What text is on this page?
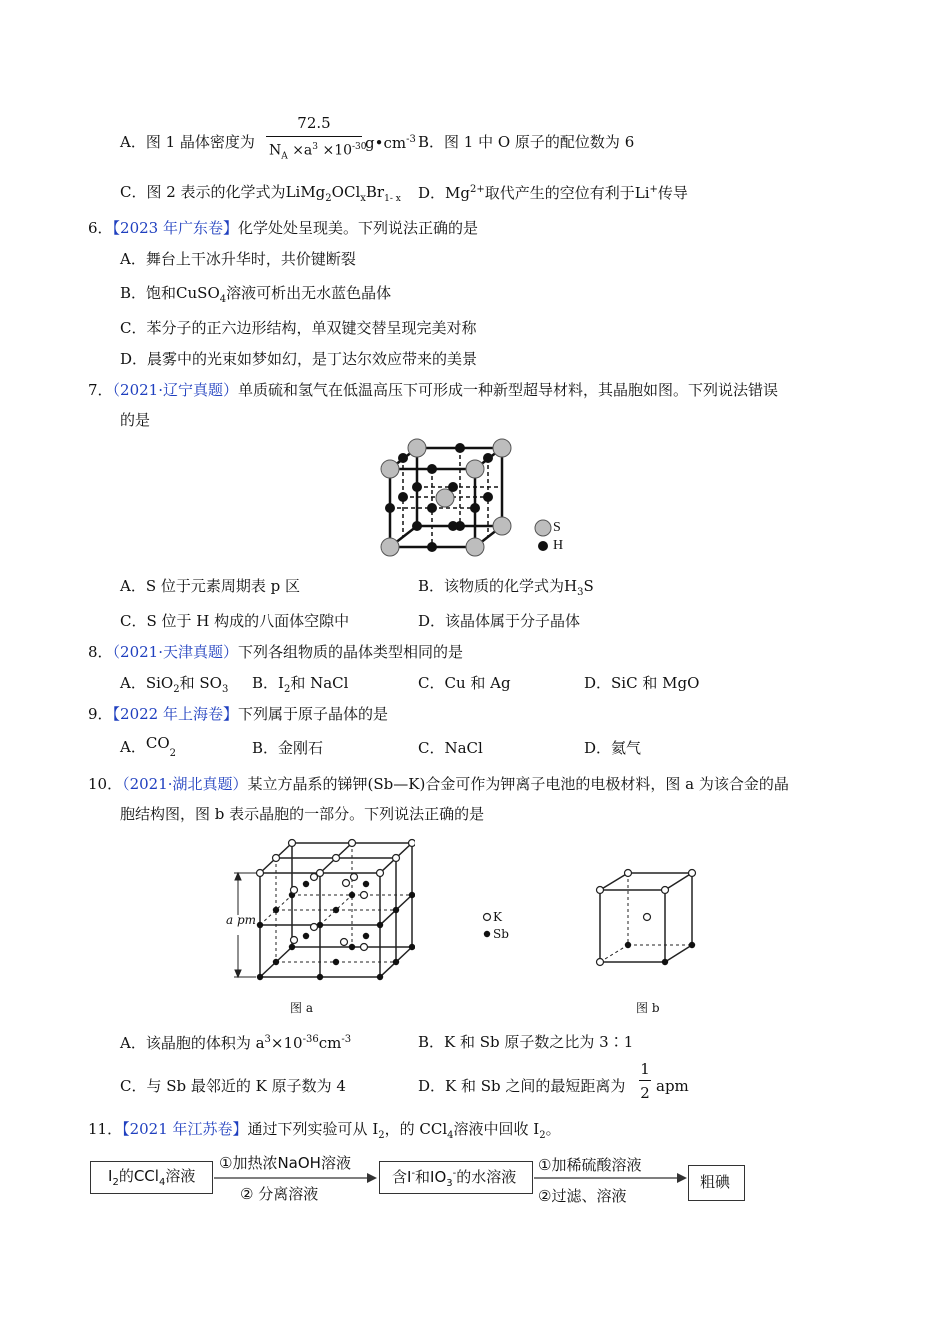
A．图 1 晶体密度为
72.5
$N_A \times a^3 \times 10^{-30}$
$g•cm^{-3}$ B．图 1 中 O 原子的配位数为 6
C．图 2 表示的化学式为$LiMg_2OCl_xBr_{1- x}$ D．$Mg^{2+}$取代产生的空位有利于Li+传导
6．【2023 年广东卷】化学处处呈现美。下列说法正确的是
A．舞台上干冰升华时，共价键断裂
B．饱和CuSO$_4$溶液可析出无水蓝色晶体
C．苯分子的正六边形结构，单双键交替呈现完美对称
D．晨雾中的光束如梦如幻，是丁达尔效应带来的美景
7．（2021·辽宁真题）单质硫和氢气在低温高压下可形成一种新型超导材料，其晶胞如图。下列说法错误
的是
S
H
A．S 位于元素周期表 p 区	B．该物质的化学式为$H_3S$
C．S 位于 H 构成的八面体空隙中	D．该晶体属于分子晶体
8．（2021·天津真题）下列各组物质的晶体类型相同的是
A．SiO$_2$和 $SO_3$ B．$I_2$和 NaCl	C．Cu 和 Ag	D．SiC 和 MgO
9．【2022 年上海卷】下列属于原子晶体的是
A．$CO_2$	B．金刚石	C．NaCl	D．氦气
10．（2021·湖北真题）某立方晶系的锑钾(Sb—K)合金可作为钾离子电池的电极材料，图 a 为该合金的晶
胞结构图，图 b 表示晶胞的一部分。下列说法正确的是
a pm
图 a
K
Sb
图 b
A．该晶胞的体积为 $a^3\times 10^{-36}cm^{-3}$	B．K 和 Sb 原子数之比为 3∶1
C．与 Sb 最邻近的 K 原子数为 4	D．K 和 Sb 之间的最短距离为
1
2 apm
11．【2021 年江苏卷】通过下列实验可从 $I_2$，的 CCl$_4$溶液中回收 $I_2$。
$I_2$的CCl$_4$溶液
①加热浓NaOH溶液
② 分离溶液
含I-和$IO_3^-$的水溶液
①加稀硫酸溶液
②过滤、溶液
粗碘
